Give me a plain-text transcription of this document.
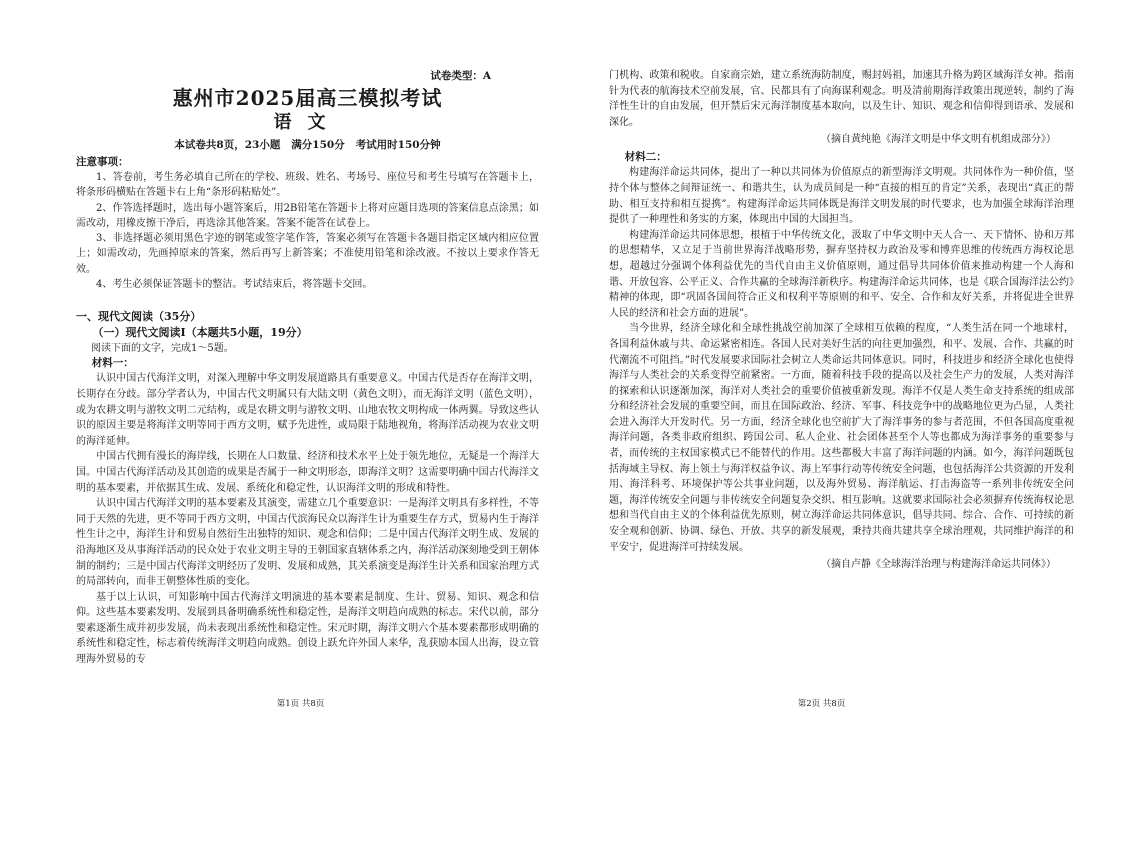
试卷类型：A
惠州市2025届高三模拟考试
语文
本试卷共8页，23小题   满分150分   考试用时150分钟
注意事项：
1、答卷前，考生务必填自己所在的学校、班级、姓名、考场号、座位号和考生号填写在答题卡上，将条形码横贴在答题卡右上角“条形码粘贴处”。
2、作答选择题时，选出每小题答案后，用2B铅笔在答题卡上将对应题目选项的答案信息点涂黑；如需改动，用橡皮擦干净后，再选涂其他答案。答案不能答在试卷上。
3、非选择题必须用黑色字迹的钢笔或签字笔作答，答案必须写在答题卡各题目指定区域内相应位置上；如需改动，先画掉原来的答案，然后再写上新答案；不准使用铅笔和涂改液。不按以上要求作答无效。
4、考生必须保证答题卡的整洁。考试结束后，将答题卡交回。
一、现代文阅读（35分）
（一）现代文阅读Ⅰ（本题共5小题，19分）
阅读下面的文字，完成1～5题。
材料一：

认识中国古代海洋文明，对深入理解中华文明发展道路具有重要意义。中国古代是否存在海洋文明，长期存在分歧。部分学者认为，中国古代文明属只有大陆文明（黄色文明），而无海洋文明（蓝色文明），或为农耕文明与游牧文明二元结构，或是农耕文明与游牧文明、山地农牧文明构成一体两翼。导致这些认识的原因主要是将海洋文明等同于西方文明，赋予先进性，或局限于陆地视角，将海洋活动视为农业文明的海洋延伸。

中国古代拥有漫长的海岸线，长期在人口数量、经济和技术水平上处于领先地位，无疑是一个海洋大国。中国古代海洋活动及其创造的成果是否属于一种文明形态，即海洋文明？这需要明确中国古代海洋文明的基本要素，并依据其生成、发展、系统化和稳定性，认识海洋文明的形成和特性。

认识中国古代海洋文明的基本要素及其演变，需建立几个重要意识：一是海洋文明具有多样性，不等同于天然的先进，更不等同于西方文明，中国古代滨海民众以海洋生计为重要生存方式，贸易内生于海洋性生计之中，海洋生计和贸易自然衍生出独特的知识、观念和信仰；二是中国古代海洋文明生成、发展的沿海地区及从事海洋活动的民众处于农业文明主导的王朝国家直辖体系之内，海洋活动深刻地受到王朝体制的制约；三是中国古代海洋文明经历了发明、发展和成熟，其关系演变是海洋生计关系和国家治理方式的局部转向，而非王朝整体性质的变化。

基于以上认识，可知影响中国古代海洋文明演进的基本要素是制度、生计、贸易、知识、观念和信仰。这些基本要素发明、发展到具备明确系统性和稳定性，是海洋文明趋向成熟的标志。宋代以前，部分要素逐渐生成并初步发展，尚未表现出系统性和稳定性。宋元时期，海洋文明六个基本要素都形成明确的系统性和稳定性，标志着传统海洋文明趋向成熟。创设上跃允许外国人来华，乱获励本国人出海，设立管理海外贸易的专

第1页 共8页

门机构、政策和税收。自家商宗始，建立系统海防制度，赐封妈祖，加速其升格为跨区域海洋女神。指南针为代表的航海技术空前发展，官、民都具有了向海谋利观念。明及清前期海洋政策出现逆转，制约了海洋性生计的自由发展，但开禁后宋元海洋制度基本取向，以及生计、知识、观念和信仰得到语承、发展和深化。

（摘自黄纯艳《海洋文明是中华文明有机组成部分》）
材料二：

构建海洋命运共同体，提出了一种以共同体为价值原点的新型海洋文明观。共同体作为一种价值，坚持个体与整体之间辩证统一、和谐共生，认为成员间是一种“直接的相互的肯定”关系，表现出“真正的帮助、相互支持和相互提携”。构建海洋命运共同体既是海洋文明发展的时代要求，也为加强全球海洋治理提供了一种理性和务实的方案，体现出中国的大国担当。

构建海洋命运共同体思想，根植于中华传统文化，汲取了中华文明中天人合一、天下情怀、协和万邦的思想精华，又立足于当前世界海洋战略形势，摒弃坚持权力政治及零和博弈思维的传统西方海权论思想，超越过分强调个体利益优先的当代自由主义价值原则，通过倡导共同体价值来推动构建一个人海和谐、开放包容、公平正义、合作共赢的全球海洋新秩序。构建海洋命运共同体，也是《联合国海洋法公约》精神的体现，即“巩固各国间符合正义和权利平等原则的和平、安全、合作和友好关系，并将促进全世界人民的经济和社会方面的进展”。

当今世界，经济全球化和全球性挑战空前加深了全球相互依赖的程度，“人类生活在同一个地球村，各国利益休戚与共、命运紧密相连。各国人民对美好生活的向往更加强烈，和平、发展、合作、共赢的时代潮流不可阻挡。”时代发展要求国际社会树立人类命运共同体意识。同时，科技进步和经济全球化也使得海洋与人类社会的关系变得空前紧密。一方面，随着科技手段的提高以及社会生产力的发展，人类对海洋的探索和认识逐渐加深，海洋对人类社会的重要价值被重新发现。海洋不仅是人类生命支持系统的组成部分和经济社会发展的重要空间，而且在国际政治、经济、军事、科技竞争中的战略地位更为凸显，人类社会进入海洋大开发时代。另一方面，经济全球化也空前扩大了海洋事务的参与者范围，不但各国高度重视海洋问题，各类非政府组织、跨国公司、私人企业、社会团体甚至个人等也都成为海洋事务的重要参与者，而传统的主权国家模式已不能替代的作用。这些都极大丰富了海洋问题的内涵。如今，海洋问题既包括海域主导权、海上领土与海洋权益争议、海上军事行动等传统安全问题，也包括海洋公共资源的开发利用、海洋科考、环境保护等公共事业问题，以及海外贸易、海洋航运、打击海盗等一系列非传统安全问题，海洋传统安全问题与非传统安全问题复杂交织、相互影响。这就要求国际社会必须摒弃传统海权论思想和当代自由主义的个体利益优先原则，树立海洋命运共同体意识，倡导共同、综合、合作、可持续的新安全观和创新、协调、绿色、开放、共享的新发展观，秉持共商共建共享全球治理观，共同维护海洋的和平安宁，促进海洋可持续发展。

（摘自卢静《全球海洋治理与构建海洋命运共同体》）
第2页 共8页
